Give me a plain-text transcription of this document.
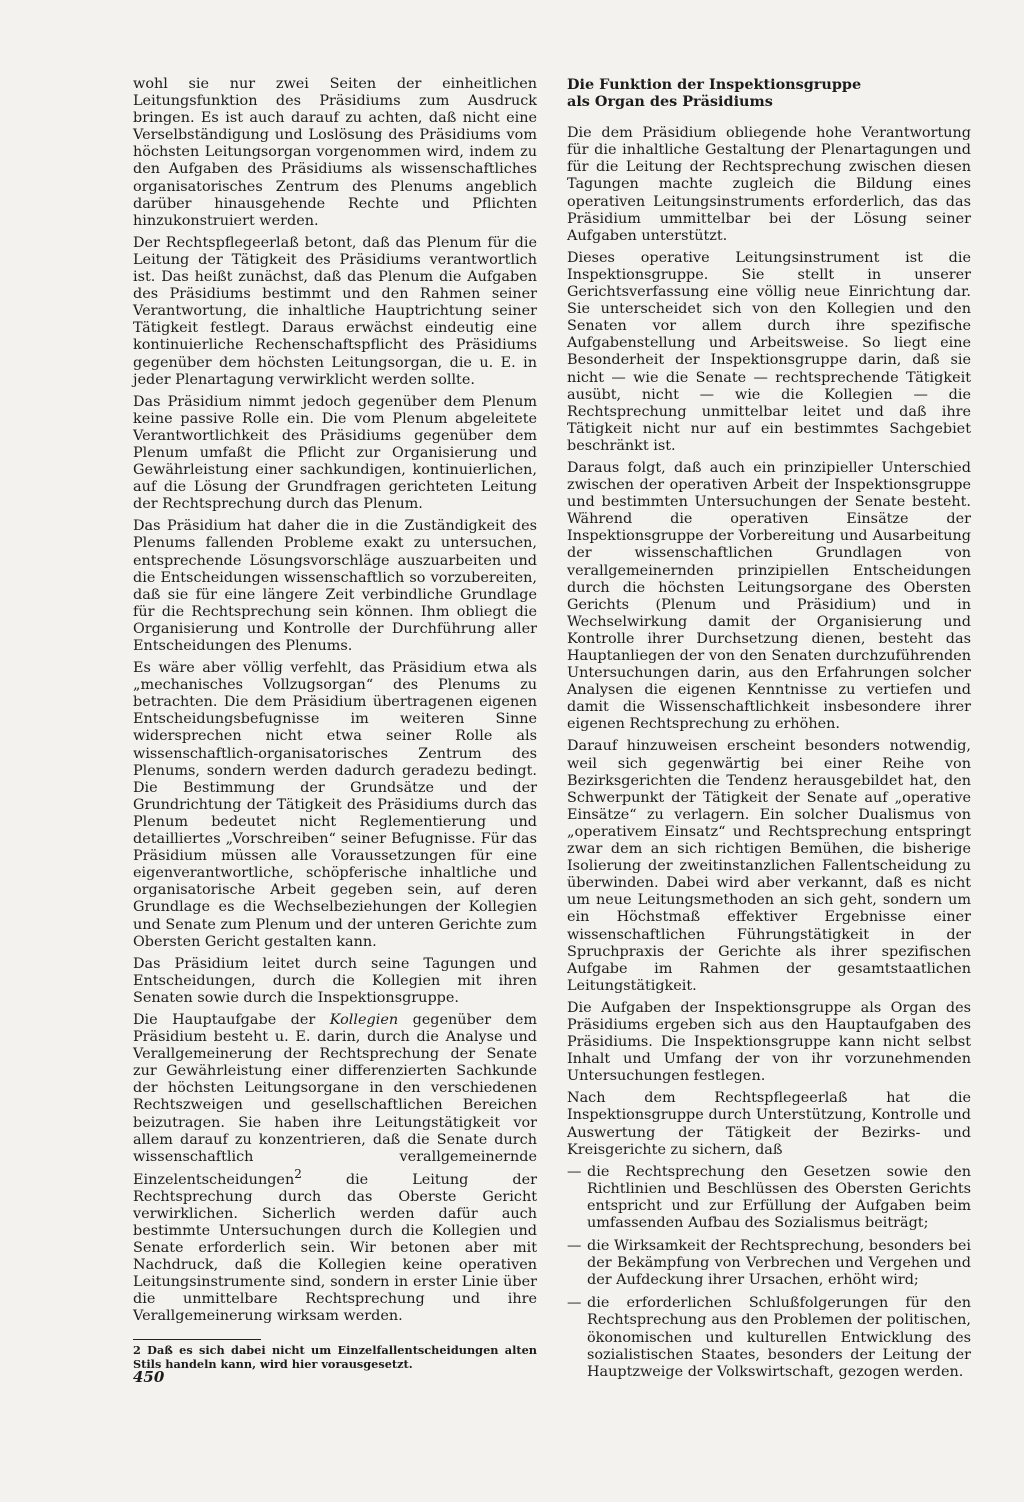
wohl sie nur zwei Seiten der einheitlichen Leitungsfunktion des Präsidiums zum Ausdruck bringen. Es ist auch darauf zu achten, daß nicht eine Verselbständigung und Loslösung des Präsidiums vom höchsten Leitungsorgan vorgenommen wird, indem zu den Aufgaben des Präsidiums als wissenschaftliches organisatorisches Zentrum des Plenums angeblich darüber hinausgehende Rechte und Pflichten hinzukonstruiert werden.

Der Rechtspflegeerlaß betont, daß das Plenum für die Leitung der Tätigkeit des Präsidiums verantwortlich ist. Das heißt zunächst, daß das Plenum die Aufgaben des Präsidiums bestimmt und den Rahmen seiner Verantwortung, die inhaltliche Hauptrichtung seiner Tätigkeit festlegt. Daraus erwächst eindeutig eine kontinuierliche Rechenschaftspflicht des Präsidiums gegenüber dem höchsten Leitungsorgan, die u. E. in jeder Plenartagung verwirklicht werden sollte.

Das Präsidium nimmt jedoch gegenüber dem Plenum keine passive Rolle ein. Die vom Plenum abgeleitete Verantwortlichkeit des Präsidiums gegenüber dem Plenum umfaßt die Pflicht zur Organisierung und Gewährleistung einer sachkundigen, kontinuierlichen, auf die Lösung der Grundfragen gerichteten Leitung der Rechtsprechung durch das Plenum.

Das Präsidium hat daher die in die Zuständigkeit des Plenums fallenden Probleme exakt zu untersuchen, entsprechende Lösungsvorschläge auszuarbeiten und die Entscheidungen wissenschaftlich so vorzubereiten, daß sie für eine längere Zeit verbindliche Grundlage für die Rechtsprechung sein können. Ihm obliegt die Organisierung und Kontrolle der Durchführung aller Entscheidungen des Plenums.

Es wäre aber völlig verfehlt, das Präsidium etwa als „mechanisches Vollzugsorgan“ des Plenums zu betrachten. Die dem Präsidium übertragenen eigenen Entscheidungsbefugnisse im weiteren Sinne widersprechen nicht etwa seiner Rolle als wissenschaftlich-organisatorisches Zentrum des Plenums, sondern werden dadurch geradezu bedingt. Die Bestimmung der Grundsätze und der Grundrichtung der Tätigkeit des Präsidiums durch das Plenum bedeutet nicht Reglementierung und detailliertes „Vorschreiben“ seiner Befugnisse. Für das Präsidium müssen alle Voraussetzungen für eine eigenverantwortliche, schöpferische inhaltliche und organisatorische Arbeit gegeben sein, auf deren Grundlage es die Wechselbeziehungen der Kollegien und Senate zum Plenum und der unteren Gerichte zum Obersten Gericht gestalten kann.

Das Präsidium leitet durch seine Tagungen und Entscheidungen, durch die Kollegien mit ihren Senaten sowie durch die Inspektionsgruppe.

Die Hauptaufgabe der Kollegien gegenüber dem Präsidium besteht u. E. darin, durch die Analyse und Verallgemeinerung der Rechtsprechung der Senate zur Gewährleistung einer differenzierten Sachkunde der höchsten Leitungsorgane in den verschiedenen Rechtszweigen und gesellschaftlichen Bereichen beizutragen. Sie haben ihre Leitungstätigkeit vor allem darauf zu konzentrieren, daß die Senate durch wissenschaftlich verallgemeinernde Einzelentscheidungen$^2$ die Leitung der Rechtsprechung durch das Oberste Gericht verwirklichen. Sicherlich werden dafür auch bestimmte Untersuchungen durch die Kollegien und Senate erforderlich sein. Wir betonen aber mit Nachdruck, daß die Kollegien keine operativen Leitungsinstrumente sind, sondern in erster Linie über die unmittelbare Rechtsprechung und ihre Verallgemeinerung wirksam werden.

2 Daß es sich dabei nicht um Einzelfallentscheidungen alten Stils handeln kann, wird hier vorausgesetzt.

Die Funktion der Inspektionsgruppe
als Organ des Präsidiums

Die dem Präsidium obliegende hohe Verantwortung für die inhaltliche Gestaltung der Plenartagungen und für die Leitung der Rechtsprechung zwischen diesen Tagungen machte zugleich die Bildung eines operativen Leitungsinstruments erforderlich, das das Präsidium ummittelbar bei der Lösung seiner Aufgaben unterstützt.

Dieses operative Leitungsinstrument ist die Inspektionsgruppe. Sie stellt in unserer Gerichtsverfassung eine völlig neue Einrichtung dar. Sie unterscheidet sich von den Kollegien und den Senaten vor allem durch ihre spezifische Aufgabenstellung und Arbeitsweise. So liegt eine Besonderheit der Inspektionsgruppe darin, daß sie nicht — wie die Senate — rechtsprechende Tätigkeit ausübt, nicht — wie die Kollegien — die Rechtsprechung unmittelbar leitet und daß ihre Tätigkeit nicht nur auf ein bestimmtes Sachgebiet beschränkt ist.

Daraus folgt, daß auch ein prinzipieller Unterschied zwischen der operativen Arbeit der Inspektionsgruppe und bestimmten Untersuchungen der Senate besteht. Während die operativen Einsätze der Inspektionsgruppe der Vorbereitung und Ausarbeitung der wissenschaftlichen Grundlagen von verallgemeinernden prinzipiellen Entscheidungen durch die höchsten Leitungsorgane des Obersten Gerichts (Plenum und Präsidium) und in Wechselwirkung damit der Organisierung und Kontrolle ihrer Durchsetzung dienen, besteht das Hauptanliegen der von den Senaten durchzuführenden Untersuchungen darin, aus den Erfahrungen solcher Analysen die eigenen Kenntnisse zu vertiefen und damit die Wissenschaftlichkeit insbesondere ihrer eigenen Rechtsprechung zu erhöhen.

Darauf hinzuweisen erscheint besonders notwendig, weil sich gegenwärtig bei einer Reihe von Bezirksgerichten die Tendenz herausgebildet hat, den Schwerpunkt der Tätigkeit der Senate auf „operative Einsätze“ zu verlagern. Ein solcher Dualismus von „operativem Einsatz“ und Rechtsprechung entspringt zwar dem an sich richtigen Bemühen, die bisherige Isolierung der zweitinstanzlichen Fallentscheidung zu überwinden. Dabei wird aber verkannt, daß es nicht um neue Leitungsmethoden an sich geht, sondern um ein Höchstmaß effektiver Ergebnisse einer wissenschaftlichen Führungstätigkeit in der Spruchpraxis der Gerichte als ihrer spezifischen Aufgabe im Rahmen der gesamtstaatlichen Leitungstätigkeit.

Die Aufgaben der Inspektionsgruppe als Organ des Präsidiums ergeben sich aus den Hauptaufgaben des Präsidiums. Die Inspektionsgruppe kann nicht selbst Inhalt und Umfang der von ihr vorzunehmenden Untersuchungen festlegen.

Nach dem Rechtspflegeerlaß hat die Inspektionsgruppe durch Unterstützung, Kontrolle und Auswertung der Tätigkeit der Bezirks- und Kreisgerichte zu sichern, daß

— die Rechtsprechung den Gesetzen sowie den Richtlinien und Beschlüssen des Obersten Gerichts entspricht und zur Erfüllung der Aufgaben beim umfassenden Aufbau des Sozialismus beiträgt;
— die Wirksamkeit der Rechtsprechung, besonders bei der Bekämpfung von Verbrechen und Vergehen und der Aufdeckung ihrer Ursachen, erhöht wird;
— die erforderlichen Schlußfolgerungen für den Rechtsprechung aus den Problemen der politischen, ökonomischen und kulturellen Entwicklung des sozialistischen Staates, besonders der Leitung der Hauptzweige der Volkswirtschaft, gezogen werden.
450
